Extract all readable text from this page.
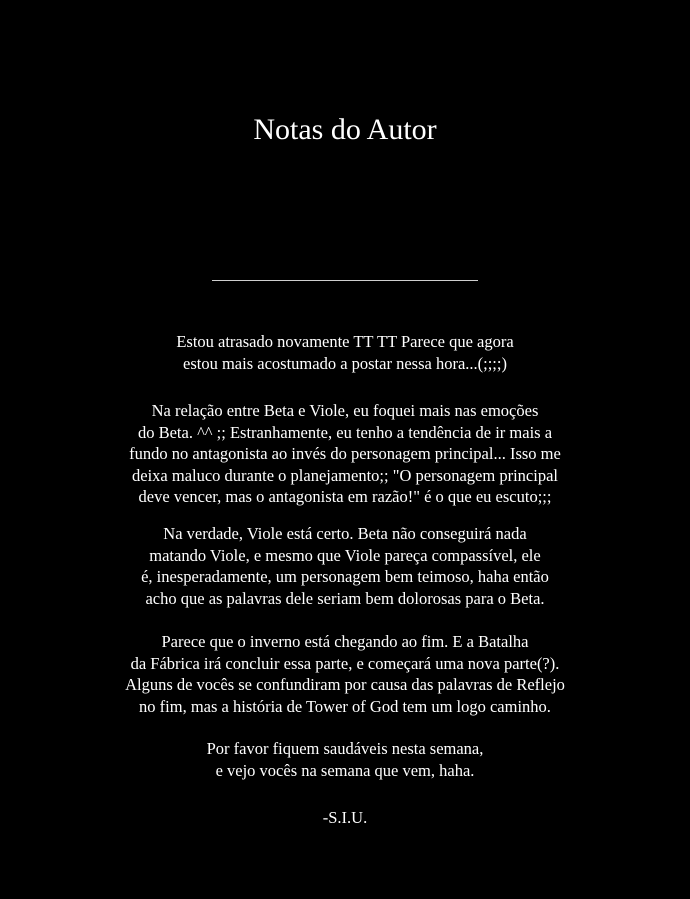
Notas do Autor

Estou atrasado novamente TT TT Parece que agora
estou mais acostumado a postar nessa hora...(;;;;)

Na relação entre Beta e Viole, eu foquei mais nas emoções
do Beta. ^^ ;; Estranhamente, eu tenho a tendência de ir mais a
fundo no antagonista ao invés do personagem principal... Isso me
deixa maluco durante o planejamento;; "O personagem principal
deve vencer, mas o antagonista em razão!" é o que eu escuto;;;

Na verdade, Viole está certo. Beta não conseguirá nada
matando Viole, e mesmo que Viole pareça compassível, ele
é, inesperadamente, um personagem bem teimoso, haha então
acho que as palavras dele seriam bem dolorosas para o Beta.

Parece que o inverno está chegando ao fim. E a Batalha
da Fábrica irá concluir essa parte, e começará uma nova parte(?).
Alguns de vocês se confundiram por causa das palavras de Reflejo
no fim, mas a história de Tower of God tem um logo caminho.

Por favor fiquem saudáveis nesta semana,
e vejo vocês na semana que vem, haha.

-S.I.U.
